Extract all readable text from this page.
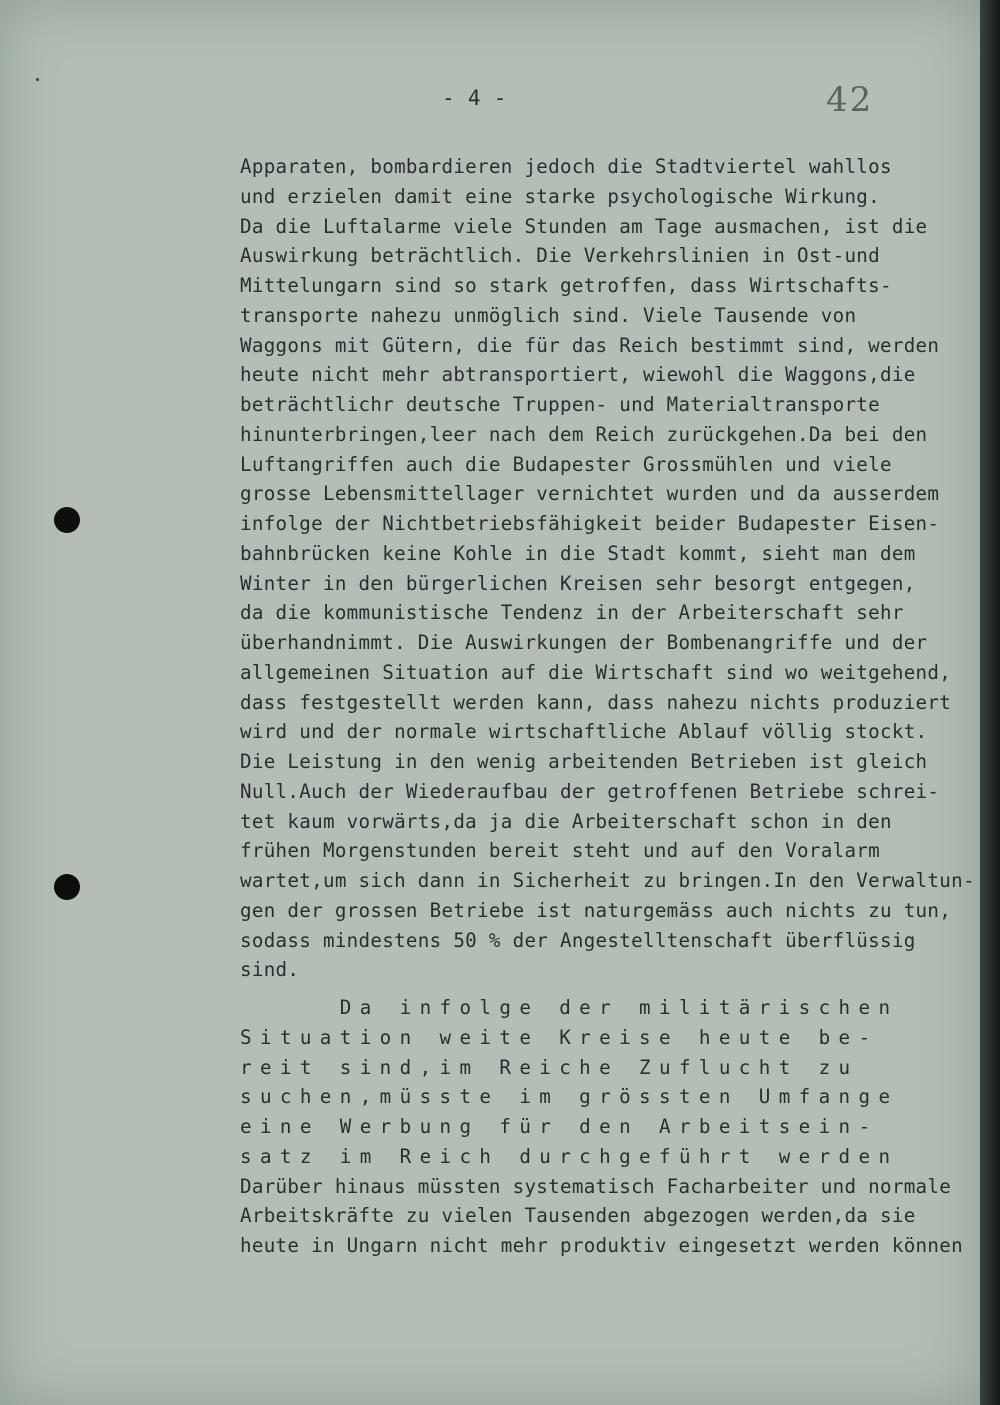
- 4 -	42
Apparaten, bombardieren jedoch die Stadtviertel wahllos
und erzielen damit eine starke psychologische Wirkung.
Da die Luftalarme viele Stunden am Tage ausmachen, ist die
Auswirkung beträchtlich. Die Verkehrslinien in Ost-und
Mittelungarn sind so stark getroffen, dass Wirtschafts-
transporte nahezu unmöglich sind. Viele Tausende von
Waggons mit Gütern, die für das Reich bestimmt sind, werden
heute nicht mehr abtransportiert, wiewohl die Waggons,die
beträchtlichr deutsche Truppen- und Materialtransporte
hinunterbringen,leer nach dem Reich zurückgehen.Da bei den
Luftangriffen auch die Budapester Grossmühlen und viele
grosse Lebensmittellager vernichtet wurden und da ausserdem
infolge der Nichtbetriebsfähigkeit beider Budapester Eisen-
bahnbrücken keine Kohle in die Stadt kommt, sieht man dem
Winter in den bürgerlichen Kreisen sehr besorgt entgegen,
da die kommunistische Tendenz in der Arbeiterschaft sehr
überhandnimmt. Die Auswirkungen der Bombenangriffe und der
allgemeinen Situation auf die Wirtschaft sind wo weitgehend,
dass festgestellt werden kann, dass nahezu nichts produziert
wird und der normale wirtschaftliche Ablauf völlig stockt.
Die Leistung in den wenig arbeitenden Betrieben ist gleich
Null.Auch der Wiederaufbau der getroffenen Betriebe schrei-
tet kaum vorwärts,da ja die Arbeiterschaft schon in den
frühen Morgenstunden bereit steht und auf den Voralarm
wartet,um sich dann in Sicherheit zu bringen.In den Verwaltun-
gen der grossen Betriebe ist naturgemäss auch nichts zu tun,
sodass mindestens 50 % der Angestelltenschaft überflüssig
sind.
Da infolge der militärischen
Situation weite Kreise heute be-
reit sind,im Reiche Zuflucht zu
suchen,müsste im grössten Umfange
eine Werbung für den Arbeitsein-
satz im Reich durchgeführt werden
Darüber hinaus müssten systematisch Facharbeiter und normale
Arbeitskräfte zu vielen Tausenden abgezogen werden,da sie
heute in Ungarn nicht mehr produktiv eingesetzt werden können
